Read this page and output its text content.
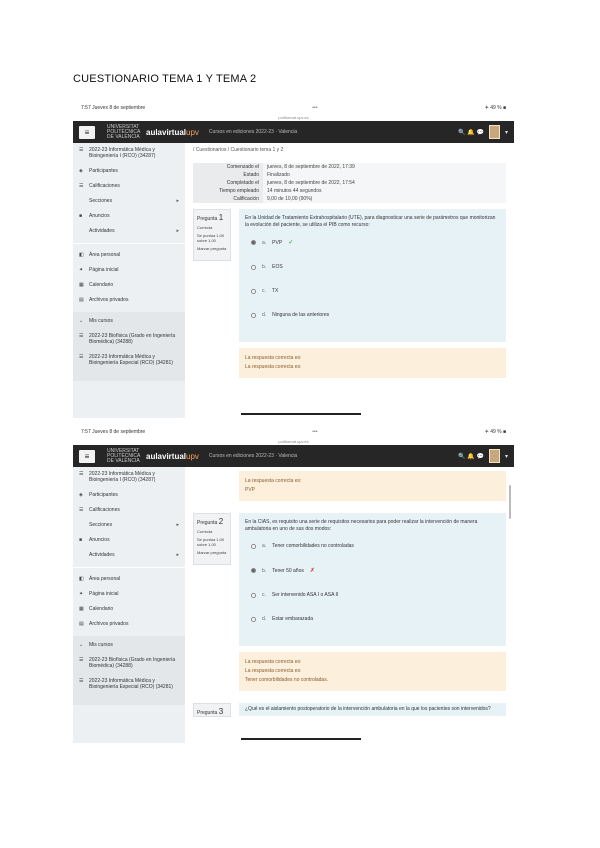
CUESTIONARIO TEMA 1 Y TEMA 2
7:57 Jueves 8 de septiembre	•••	✈ 49 % ■
poliformat.upv.es
≡
UNIVERSITAT POLITÈCNICA DE VALÈNCIA aulavirtualupv Cursos en ediciones 2022-23 · Valencia	🔍 🔔 💬	▾
☰	2022-23 Informática Médica y Bioingeniería I (RCO) (34287)
◈	Participantes
☰	Calificaciones
Secciones	▸
■	Anuncios
Actividades	▸
◧ Área personal
✦	Página inicial
▦ Calendario
▤ Archivos privados
⌄	Mis cursos
☰	2022-23 Biofísica (Grado en Ingeniería Biomédica) (34288)
☰	2022-23 Informática Médica y Bioingeniería Especial (RCO) (34281)
/ Cuestionarios / Cuestionario tema 1 y 2
Comenzado el	jueves, 8 de septiembre de 2022, 17:39
Estado	Finalizado
Completado el	jueves, 8 de septiembre de 2022, 17:54
Tiempo empleado	14 minutos 44 segundos
Calificación	9,00 de 10,00 (90%)
Pregunta 1
Correcta
Se puntúa 1,00 sobre 1,00
Marcar pregunta
En la Unidad de Tratamiento Extrahospitalario (UTE), para diagnosticar una serie de parámetros que monitorizan la evolución del paciente, se utiliza el PIB como recurso:
a. PVP ✓
b. EOS
c. TX
d. Ninguna de las anteriores
La respuesta correcta es:
La respuesta correcta es:
7:57 Jueves 8 de septiembre	•••	✈ 49 % ■
poliformat.upv.es
≡
UNIVERSITAT POLITÈCNICA DE VALÈNCIA aulavirtualupv Cursos en ediciones 2022-23 · Valencia	🔍 🔔 💬	▾
☰	2022-23 Informática Médica y Bioingeniería I (RCO) (34287)
◈	Participantes
☰	Calificaciones
Secciones	▸
■	Anuncios
Actividades	▸
◧ Área personal
✦	Página inicial
▦ Calendario
▤ Archivos privados
⌄	Mis cursos
☰	2022-23 Biofísica (Grado en Ingeniería Biomédica) (34288)
☰	2022-23 Informática Médica y Bioingeniería Especial (RCO) (34281)
La respuesta correcta es:
PVP
Pregunta 2
Correcta
Se puntúa 1,00 sobre 1,00
Marcar pregunta
En la CIAS, es requisito una serie de requisitos necesarios para poder realizar la intervención de manera ambulatoria en uno de sus dos modos:
a. Tener comorbilidades no controladas
b. Tener 50 años ✗
c. Ser intervenido ASA I o ASA II
d. Estar embarazada
La respuesta correcta es:
La respuesta correcta es:
Tener comorbilidades no controladas.
Pregunta 3	¿Qué es el aislamiento postoperatorio de la intervención ambulatoria en la que los pacientes son intervenidos?
